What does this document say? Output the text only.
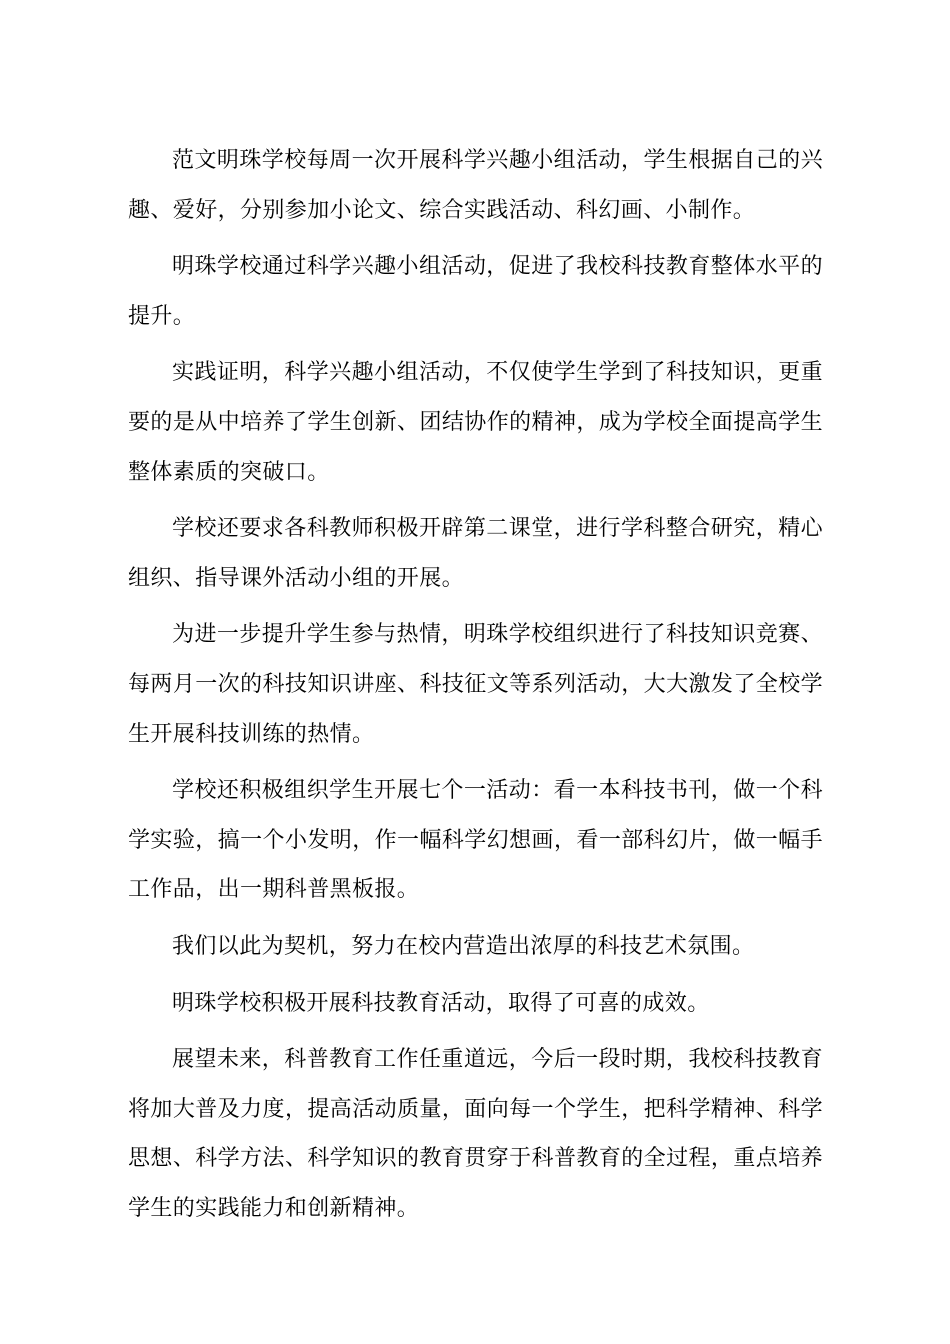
范文明珠学校每周一次开展科学兴趣小组活动，学生根据自己的兴趣、爱好，分别参加小论文、综合实践活动、科幻画、小制作。

明珠学校通过科学兴趣小组活动，促进了我校科技教育整体水平的提升。

实践证明，科学兴趣小组活动，不仅使学生学到了科技知识，更重要的是从中培养了学生创新、团结协作的精神，成为学校全面提高学生整体素质的突破口。

学校还要求各科教师积极开辟第二课堂，进行学科整合研究，精心组织、指导课外活动小组的开展。

为进一步提升学生参与热情，明珠学校组织进行了科技知识竞赛、每两月一次的科技知识讲座、科技征文等系列活动，大大激发了全校学生开展科技训练的热情。

学校还积极组织学生开展七个一活动：看一本科技书刊，做一个科学实验，搞一个小发明，作一幅科学幻想画，看一部科幻片，做一幅手工作品，出一期科普黑板报。

我们以此为契机，努力在校内营造出浓厚的科技艺术氛围。

明珠学校积极开展科技教育活动，取得了可喜的成效。

展望未来，科普教育工作任重道远，今后一段时期，我校科技教育将加大普及力度，提高活动质量，面向每一个学生，把科学精神、科学思想、科学方法、科学知识的教育贯穿于科普教育的全过程，重点培养学生的实践能力和创新精神。
